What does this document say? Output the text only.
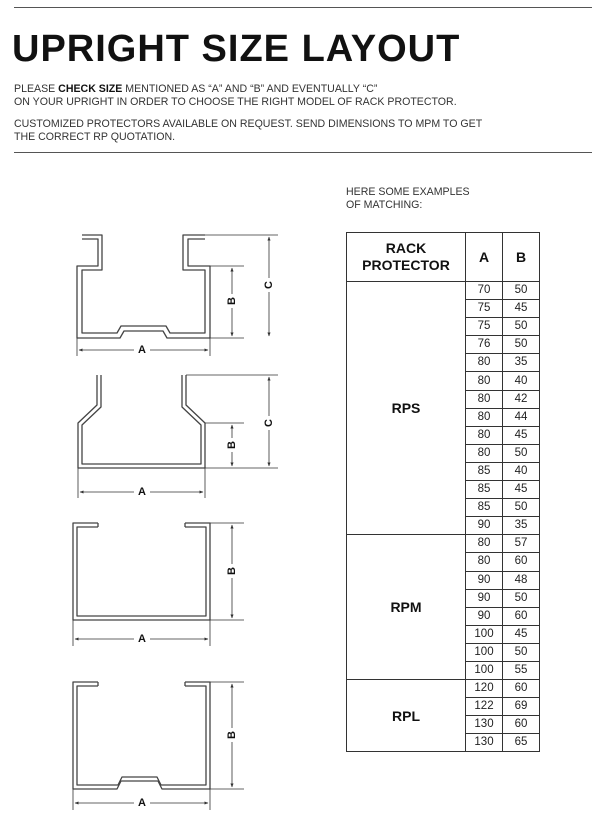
UPRIGHT SIZE LAYOUT
PLEASE CHECK SIZE MENTIONED AS “A” AND “B” AND EVENTUALLY “C”
ON YOUR UPRIGHT IN ORDER TO CHOOSE THE RIGHT MODEL OF RACK PROTECTOR.
CUSTOMIZED PROTECTORS AVAILABLE ON REQUEST. SEND DIMENSIONS TO MPM TO GET
THE CORRECT RP QUOTATION.
HERE SOME EXAMPLES
OF MATCHING:
B
C
A
B
C
A
B
A
B
A
RACK
PROTECTOR	A	B
RPS	70	50
	75	45
	75	50
	76	50
	80	35
	80	40
	80	42
	80	44
	80	45
	80	50
	85	40
	85	45
	85	50
	90	35
RPM	80	57
	80	60
	90	48
	90	50
	90	60
	100	45
	100	50
	100	55
RPL	120	60
	122	69
	130	60
	130	65
